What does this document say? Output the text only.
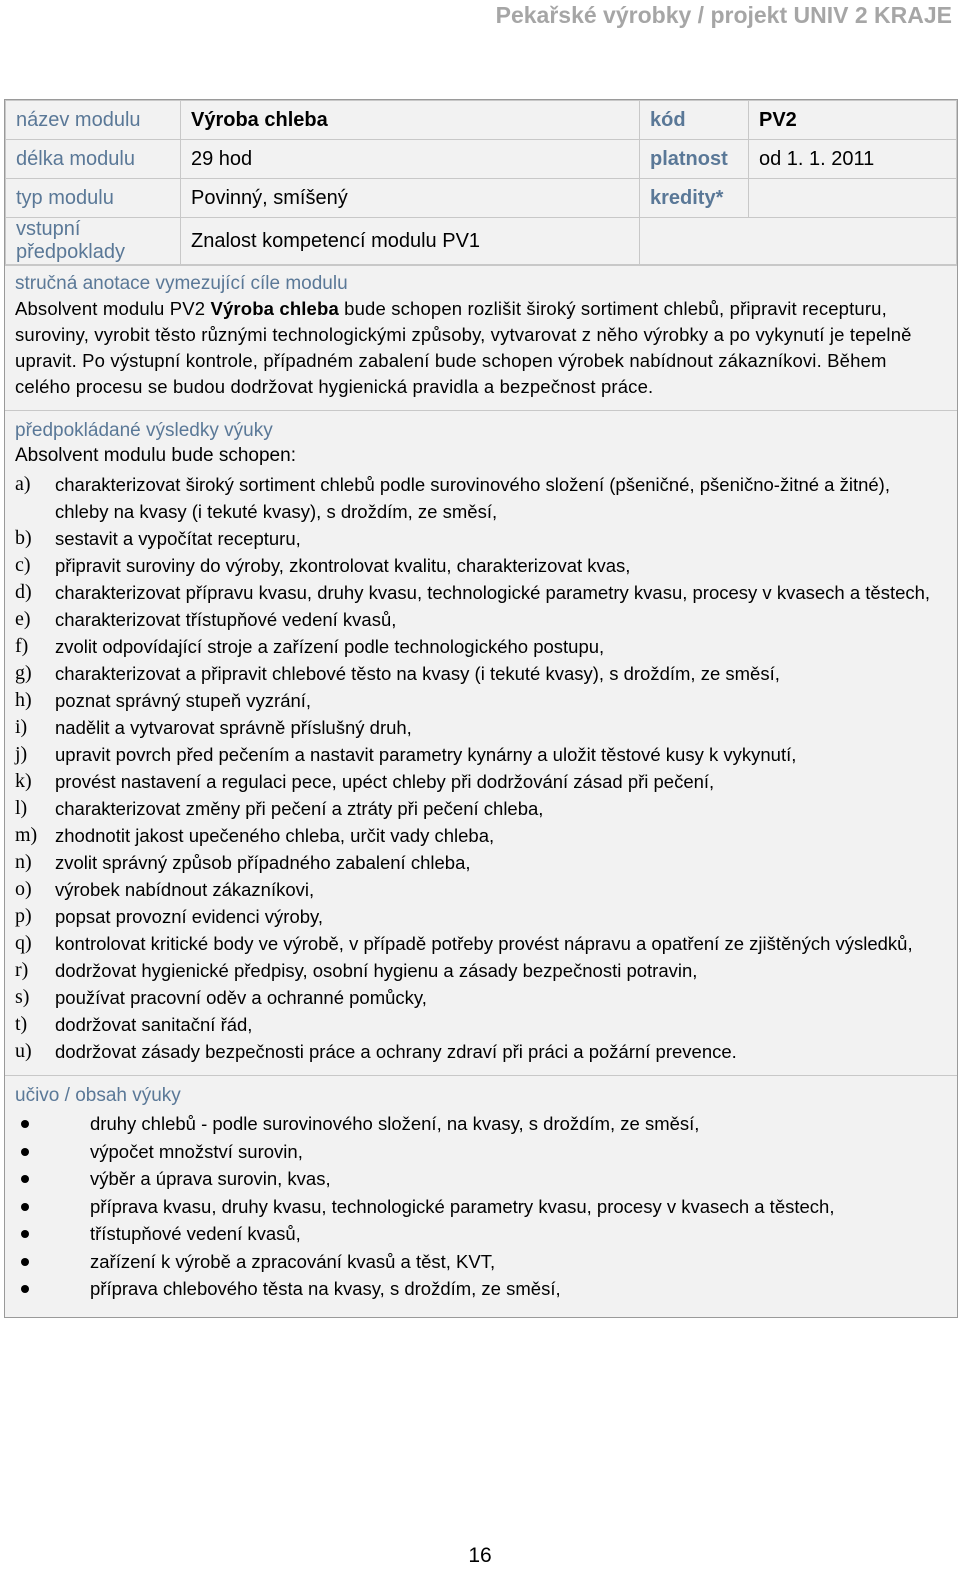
Pekařské výrobky / projekt UNIV 2 KRAJE
název modulu	Výroba chleba	kód	PV2
délka modulu	29 hod	platnost	od 1. 1. 2011
typ modulu	Povinný, smíšený	kredity*	
vstupní
předpoklady	Znalost kompetencí modulu PV1		
stručná anotace vymezující cíle modulu
Absolvent modulu PV2 Výroba chleba bude schopen rozlišit široký sortiment chlebů, připravit recepturu, suroviny, vyrobit těsto různými technologickými způsoby, vytvarovat z něho výrobky a po vykynutí je tepelně upravit. Po výstupní kontrole, případném zabalení bude schopen výrobek nabídnout zákazníkovi. Během celého procesu se budou dodržovat hygienická pravidla a bezpečnost práce.
předpokládané výsledky výuky
Absolvent modulu bude schopen:
a) charakterizovat široký sortiment chlebů podle surovinového složení (pšeničné, pšenično-žitné a žitné), chleby na kvasy (i tekuté kvasy), s droždím, ze směsí,
b) sestavit a vypočítat recepturu,
c) připravit suroviny do výroby, zkontrolovat kvalitu, charakterizovat kvas,
d) charakterizovat přípravu kvasu, druhy kvasu, technologické parametry kvasu, procesy v kvasech a těstech,
e) charakterizovat třístupňové vedení kvasů,
f) zvolit odpovídající stroje a zařízení podle technologického postupu,
g) charakterizovat a připravit chlebové těsto na kvasy (i tekuté kvasy), s droždím, ze směsí,
h) poznat správný stupeň vyzrání,
i) nadělit a vytvarovat správně příslušný druh,
j) upravit povrch před pečením a nastavit parametry kynárny a uložit těstové kusy k vykynutí,
k) provést nastavení a regulaci pece, upéct chleby při dodržování zásad při pečení,
l) charakterizovat změny při pečení a ztráty při pečení chleba,
m) zhodnotit jakost upečeného chleba, určit vady chleba,
n) zvolit správný způsob případného zabalení chleba,
o) výrobek nabídnout zákazníkovi,
p) popsat provozní evidenci výroby,
q) kontrolovat kritické body ve výrobě, v případě potřeby provést nápravu a opatření ze zjištěných výsledků,
r) dodržovat hygienické předpisy, osobní hygienu a zásady bezpečnosti potravin,
s) používat pracovní oděv a ochranné pomůcky,
t) dodržovat sanitační řád,
u) dodržovat zásady bezpečnosti práce a ochrany zdraví při práci a požární prevence.
učivo / obsah výuky
druhy chlebů - podle surovinového složení, na kvasy, s droždím, ze směsí,
výpočet množství surovin,
výběr a úprava surovin, kvas,
příprava kvasu, druhy kvasu, technologické parametry kvasu, procesy v kvasech a těstech,
třístupňové vedení kvasů,
zařízení k výrobě a zpracování kvasů a těst, KVT,
příprava chlebového těsta na kvasy, s droždím, ze směsí,
16
